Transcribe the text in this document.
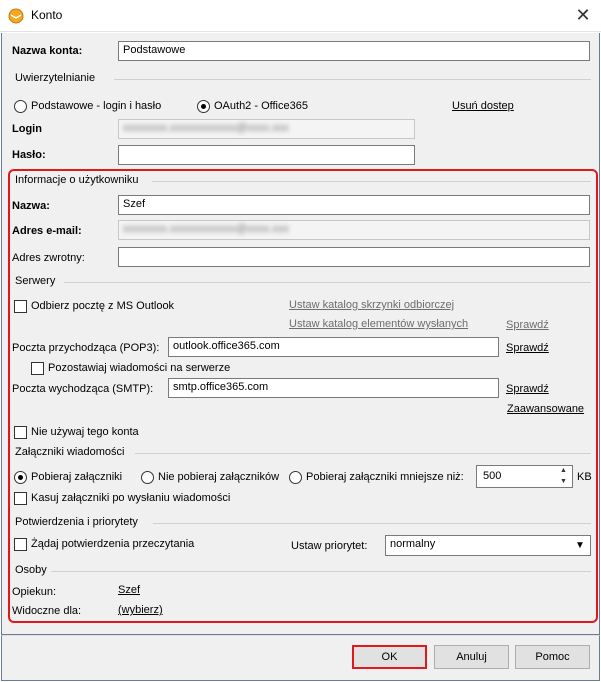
Konto	✕
Nazwa konta:	Podstawowe
Uwierzytelnianie
Podstawowe - login i hasło	OAuth2 - Office365	Usuń dostep
Login	xxxxxxxx.xxxxxxxxxxxx@xxxx.xxx
Hasło:
Informacje o użytkowniku
Nazwa:	Szef
Adres e-mail:	xxxxxxxx.xxxxxxxxxxxx@xxxx.xxx
Adres zwrotny:
Serwery
Odbierz pocztę z MS Outlook	Ustaw katalog skrzynki odbiorczej
Ustaw katalog elementów wysłanych	Sprawdź
Poczta przychodząca (POP3):	outlook.office365.com	Sprawdź
Pozostawiaj wiadomości na serwerze
Poczta wychodząca (SMTP):	smtp.office365.com	Sprawdź
Zaawansowane
Nie używaj tego konta
Załączniki wiadomości
Pobieraj załączniki	Nie pobieraj załączników Pobieraj załączniki mniejsze niż: 500	▲
▼ KB
Kasuj załączniki po wysłaniu wiadomości
Potwierdzenia i priorytety
Żądaj potwierdzenia przeczytania	Ustaw priorytet:	normalny	▼
Osoby
Opiekun:	Szef
Widoczne dla:	(wybierz)
OK	Anuluj	Pomoc
